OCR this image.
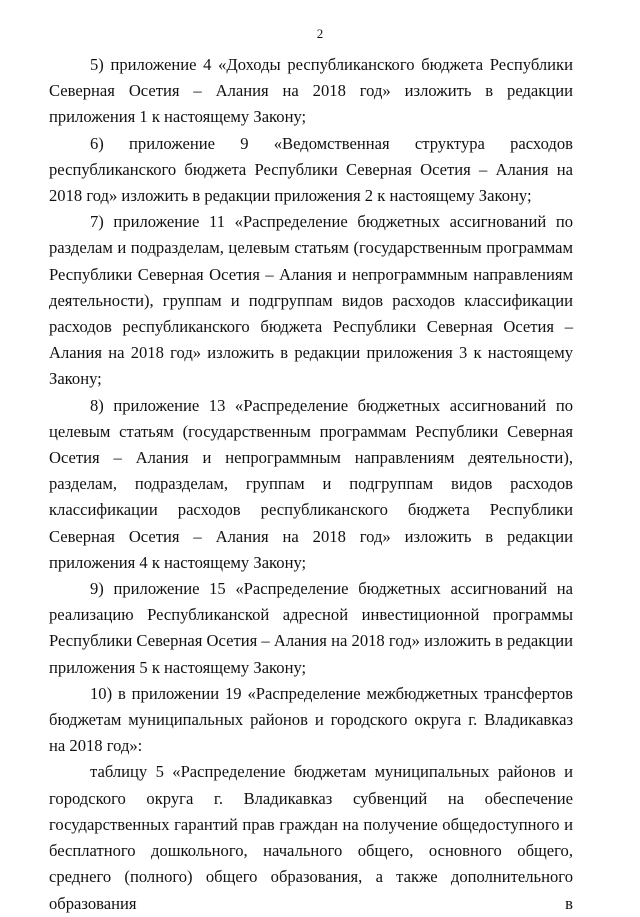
2

5) приложение 4 «Доходы республиканского бюджета Республики Северная Осетия – Алания на 2018 год» изложить в редакции приложения 1 к настоящему Закону;

6) приложение 9 «Ведомственная структура расходов республиканского бюджета Республики Северная Осетия – Алания на 2018 год» изложить в редакции приложения 2 к настоящему Закону;

7) приложение 11 «Распределение бюджетных ассигнований по разделам и подразделам, целевым статьям (государственным программам Республики Северная Осетия – Алания и непрограммным направлениям деятельности), группам и подгруппам видов расходов классификации расходов республиканского бюджета Республики Северная Осетия – Алания на 2018 год» изложить в редакции приложения 3 к настоящему Закону;

8) приложение 13 «Распределение бюджетных ассигнований по целевым статьям (государственным программам Республики Северная Осетия – Алания и непрограммным направлениям деятельности), разделам, подразделам, группам и подгруппам видов расходов классификации расходов республиканского бюджета Республики Северная Осетия – Алания на 2018 год» изложить в редакции приложения 4 к настоящему Закону;

9) приложение 15 «Распределение бюджетных ассигнований на реализацию Республиканской адресной инвестиционной программы Республики Северная Осетия – Алания на 2018 год» изложить в редакции приложения 5 к настоящему Закону;

10) в приложении 19 «Распределение межбюджетных трансфертов бюджетам муниципальных районов и городского округа г. Владикавказ на 2018 год»:

таблицу 5 «Распределение бюджетам муниципальных районов и городского округа г. Владикавказ субвенций на обеспечение государственных гарантий прав граждан на получение общедоступного и бесплатного дошкольного, начального общего, основного общего, среднего (полного) общего образования, а также дополнительного образования в
